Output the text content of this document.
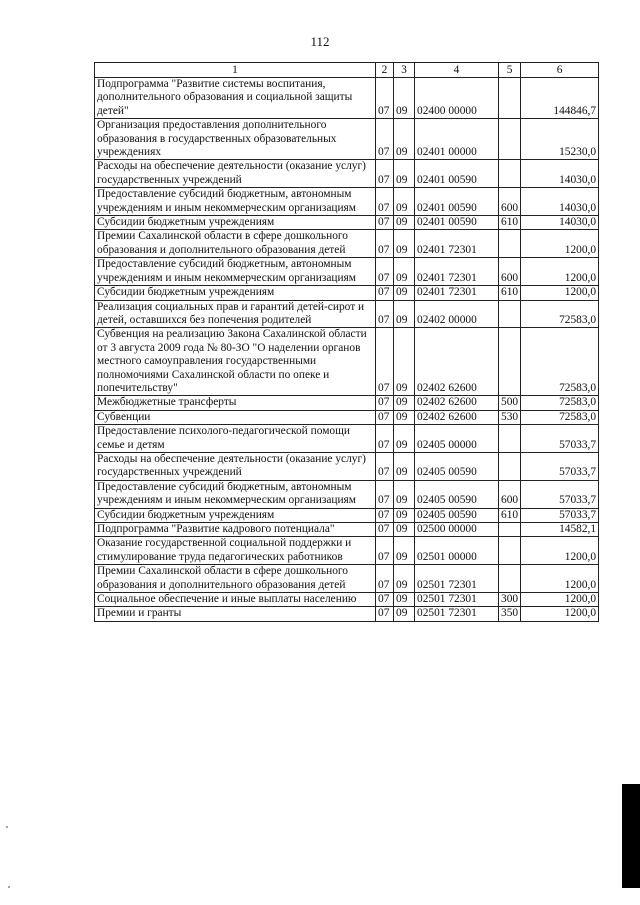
112
1	2	3	4	5	6
Подпрограмма "Развитие системы воспитания, дополнительного образования и социальной защиты детей"	07	09	02400 00000		144846,7
Организация предоставления дополнительного образования в государственных образовательных учреждениях	07	09	02401 00000		15230,0
Расходы на обеспечение деятельности (оказание услуг) государственных учреждений	07	09	02401 00590		14030,0
Предоставление субсидий бюджетным, автономным учреждениям и иным некоммерческим организациям	07	09	02401 00590	600	14030,0
Субсидии бюджетным учреждениям	07	09	02401 00590	610	14030,0
Премии Сахалинской области в сфере дошкольного образования и дополнительного образования детей	07	09	02401 72301		1200,0
Предоставление субсидий бюджетным, автономным учреждениям и иным некоммерческим организациям	07	09	02401 72301	600	1200,0
Субсидии бюджетным учреждениям	07	09	02401 72301	610	1200,0
Реализация социальных прав и гарантий детей-сирот и детей, оставшихся без попечения родителей	07	09	02402 00000		72583,0
Субвенция на реализацию Закона Сахалинской области от 3 августа 2009 года № 80-ЗО "О наделении органов местного самоуправления государственными полномочиями Сахалинской области по опеке и попечительству"	07	09	02402 62600		72583,0
Межбюджетные трансферты	07	09	02402 62600	500	72583,0
Субвенции	07	09	02402 62600	530	72583,0
Предоставление психолого-педагогической помощи семье и детям	07	09	02405 00000		57033,7
Расходы на обеспечение деятельности (оказание услуг) государственных учреждений	07	09	02405 00590		57033,7
Предоставление субсидий бюджетным, автономным учреждениям и иным некоммерческим организациям	07	09	02405 00590	600	57033,7
Субсидии бюджетным учреждениям	07	09	02405 00590	610	57033,7
Подпрограмма "Развитие кадрового потенциала"	07	09	02500 00000		14582,1
Оказание государственной социальной поддержки и стимулирование труда педагогических работников	07	09	02501 00000		1200,0
Премии Сахалинской области в сфере дошкольного образования и дополнительного образования детей	07	09	02501 72301		1200,0
Социальное обеспечение и иные выплаты населению	07	09	02501 72301	300	1200,0
Премии и гранты	07	09	02501 72301	350	1200,0
